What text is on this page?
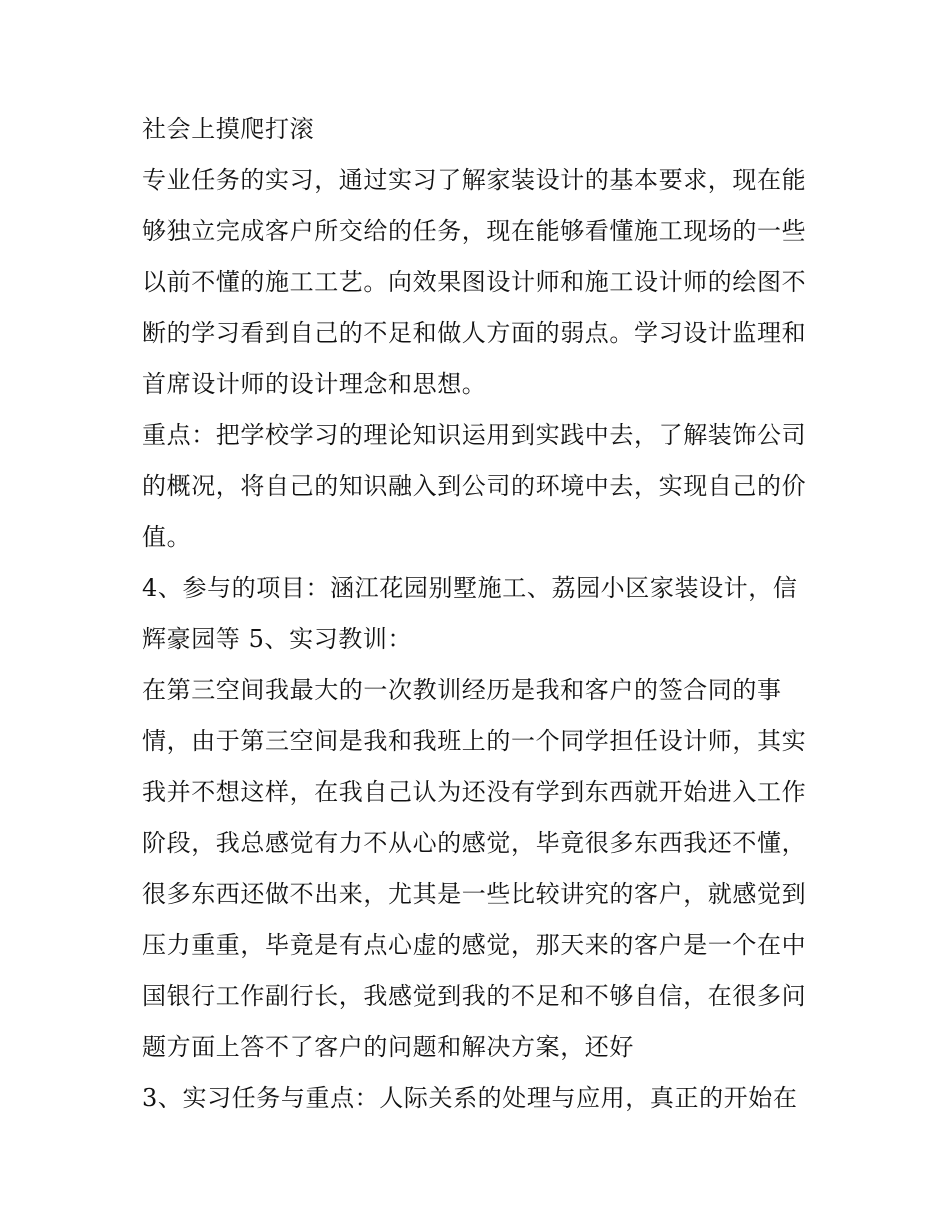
社会上摸爬打滚
专业任务的实习，通过实习了解家装设计的基本要求，现在能
够独立完成客户所交给的任务，现在能够看懂施工现场的一些
以前不懂的施工工艺。向效果图设计师和施工设计师的绘图不
断的学习看到自己的不足和做人方面的弱点。学习设计监理和
首席设计师的设计理念和思想。
重点：把学校学习的理论知识运用到实践中去，了解装饰公司
的概况，将自己的知识融入到公司的环境中去，实现自己的价
值。
4、参与的项目：涵江花园别墅施工、荔园小区家装设计，信
辉豪园等 5、实习教训：
在第三空间我最大的一次教训经历是我和客户的签合同的事
情，由于第三空间是我和我班上的一个同学担任设计师，其实
我并不想这样，在我自己认为还没有学到东西就开始进入工作
阶段，我总感觉有力不从心的感觉，毕竟很多东西我还不懂，
很多东西还做不出来，尤其是一些比较讲究的客户，就感觉到
压力重重，毕竟是有点心虚的感觉，那天来的客户是一个在中
国银行工作副行长，我感觉到我的不足和不够自信，在很多问
题方面上答不了客户的问题和解决方案，还好
3、实习任务与重点：人际关系的处理与应用，真正的开始在
